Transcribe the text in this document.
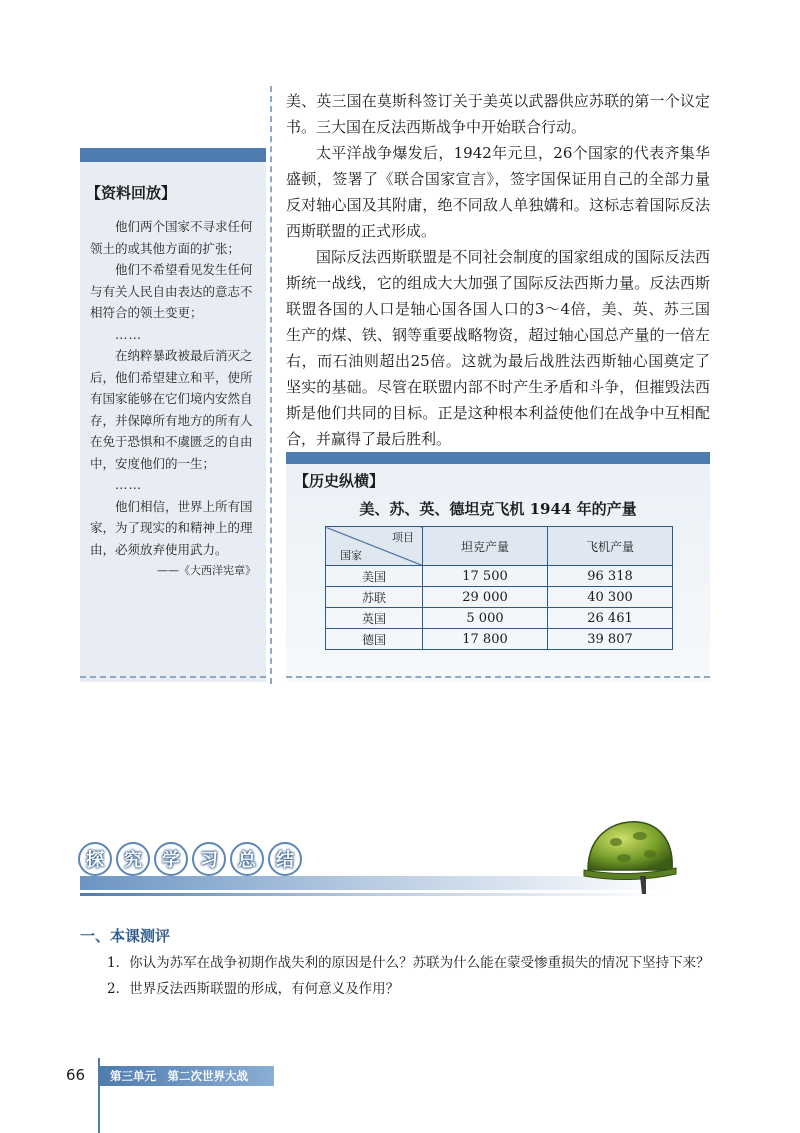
【资料回放】

他们两个国家不寻求任何领土的或其他方面的扩张；

他们不希望看见发生任何与有关人民自由表达的意志不相符合的领土变更；

……

在纳粹暴政被最后消灭之后，他们希望建立和平，使所有国家能够在它们境内安然自存，并保障所有地方的所有人在免于恐惧和不虞匮乏的自由中，安度他们的一生；

……

他们相信，世界上所有国家，为了现实的和精神上的理由，必须放弃使用武力。

——《大西洋宪章》

美、英三国在莫斯科签订关于美英以武器供应苏联的第一个议定书。三大国在反法西斯战争中开始联合行动。

太平洋战争爆发后，1942年元旦，26个国家的代表齐集华盛顿，签署了《联合国家宣言》，签字国保证用自己的全部力量反对轴心国及其附庸，绝不同敌人单独媾和。这标志着国际反法西斯联盟的正式形成。

国际反法西斯联盟是不同社会制度的国家组成的国际反法西斯统一战线，它的组成大大加强了国际反法西斯力量。反法西斯联盟各国的人口是轴心国各国人口的3～4倍，美、英、苏三国生产的煤、铁、钢等重要战略物资，超过轴心国总产量的一倍左右，而石油则超出25倍。这就为最后战胜法西斯轴心国奠定了坚实的基础。尽管在联盟内部不时产生矛盾和斗争，但摧毁法西斯是他们共同的目标。正是这种根本利益使他们在战争中互相配合，并赢得了最后胜利。

【历史纵横】
美、苏、英、德坦克飞机 1944 年的产量
项目
国家	坦克产量	飞机产量
美国	17 500	96 318
苏联	29 000	40 300
英国	5 000	26 461
德国	17 800	39 807
探	究	学	习	总	结
一、本课测评

1．你认为苏军在战争初期作战失利的原因是什么？苏联为什么能在蒙受惨重损失的情况下坚持下来？

2．世界反法西斯联盟的形成，有何意义及作用？

66	第三单元　第二次世界大战
